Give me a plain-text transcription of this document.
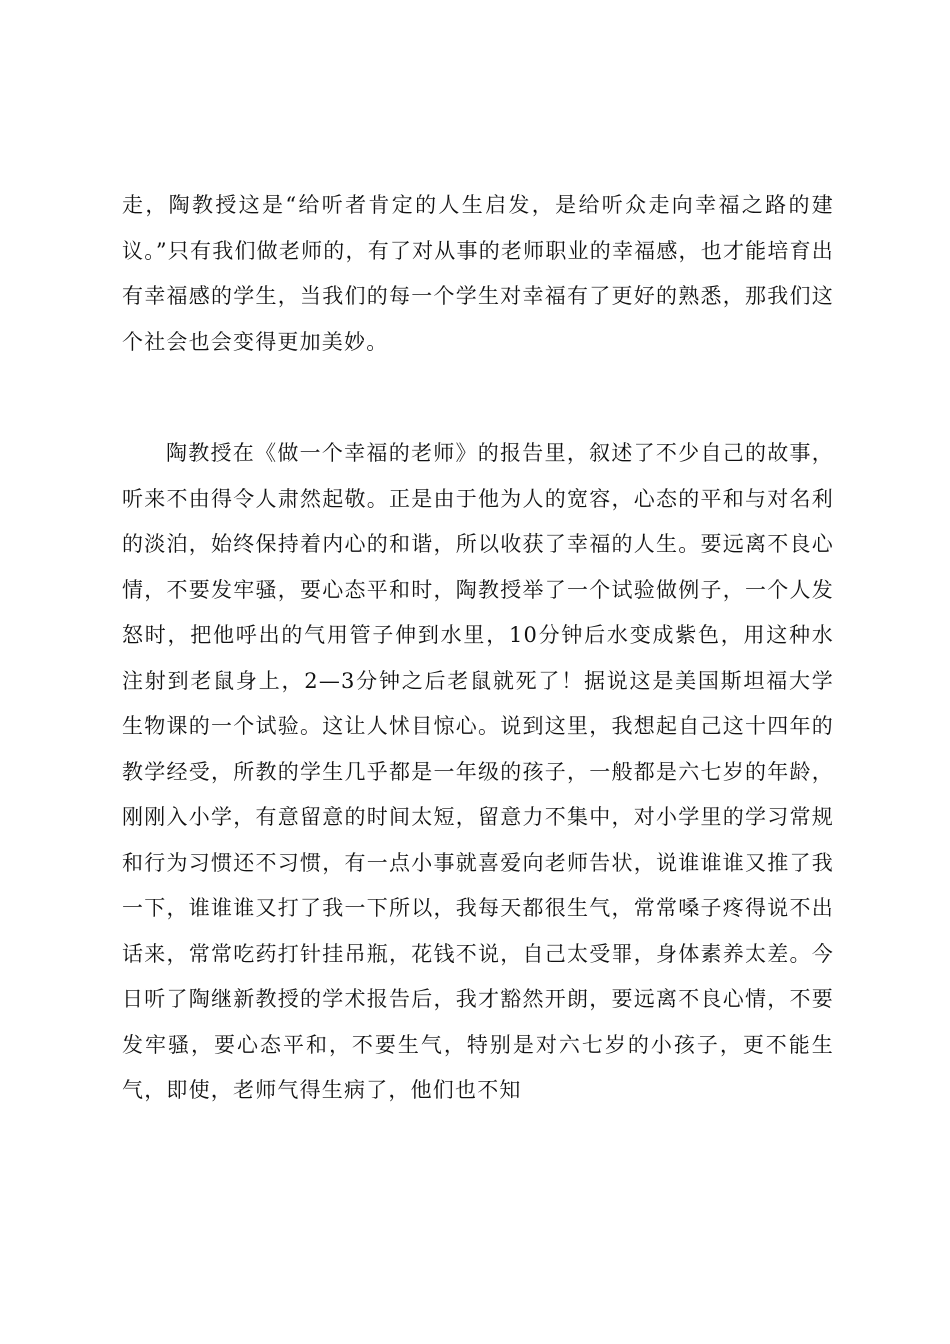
走，陶教授这是“给听者肯定的人生启发，是给听众走向幸福之路的建议。”只有我们做老师的，有了对从事的老师职业的幸福感，也才能培育出有幸福感的学生，当我们的每一个学生对幸福有了更好的熟悉，那我们这个社会也会变得更加美妙。

陶教授在《做一个幸福的老师》的报告里，叙述了不少自己的故事，听来不由得令人肃然起敬。正是由于他为人的宽容，心态的平和与对名利的淡泊，始终保持着内心的和谐，所以收获了幸福的人生。要远离不良心情，不要发牢骚，要心态平和时，陶教授举了一个试验做例子，一个人发怒时，把他呼出的气用管子伸到水里，10分钟后水变成紫色，用这种水注射到老鼠身上，2—3分钟之后老鼠就死了！据说这是美国斯坦福大学生物课的一个试验。这让人怵目惊心。说到这里，我想起自己这十四年的教学经受，所教的学生几乎都是一年级的孩子，一般都是六七岁的年龄，刚刚入小学，有意留意的时间太短，留意力不集中，对小学里的学习常规和行为习惯还不习惯，有一点小事就喜爱向老师告状，说谁谁谁又推了我一下，谁谁谁又打了我一下所以，我每天都很生气，常常嗓子疼得说不出话来，常常吃药打针挂吊瓶，花钱不说，自己太受罪，身体素养太差。今日听了陶继新教授的学术报告后，我才豁然开朗，要远离不良心情，不要发牢骚，要心态平和，不要生气，特别是对六七岁的小孩子，更不能生气，即使，老师气得生病了，他们也不知
